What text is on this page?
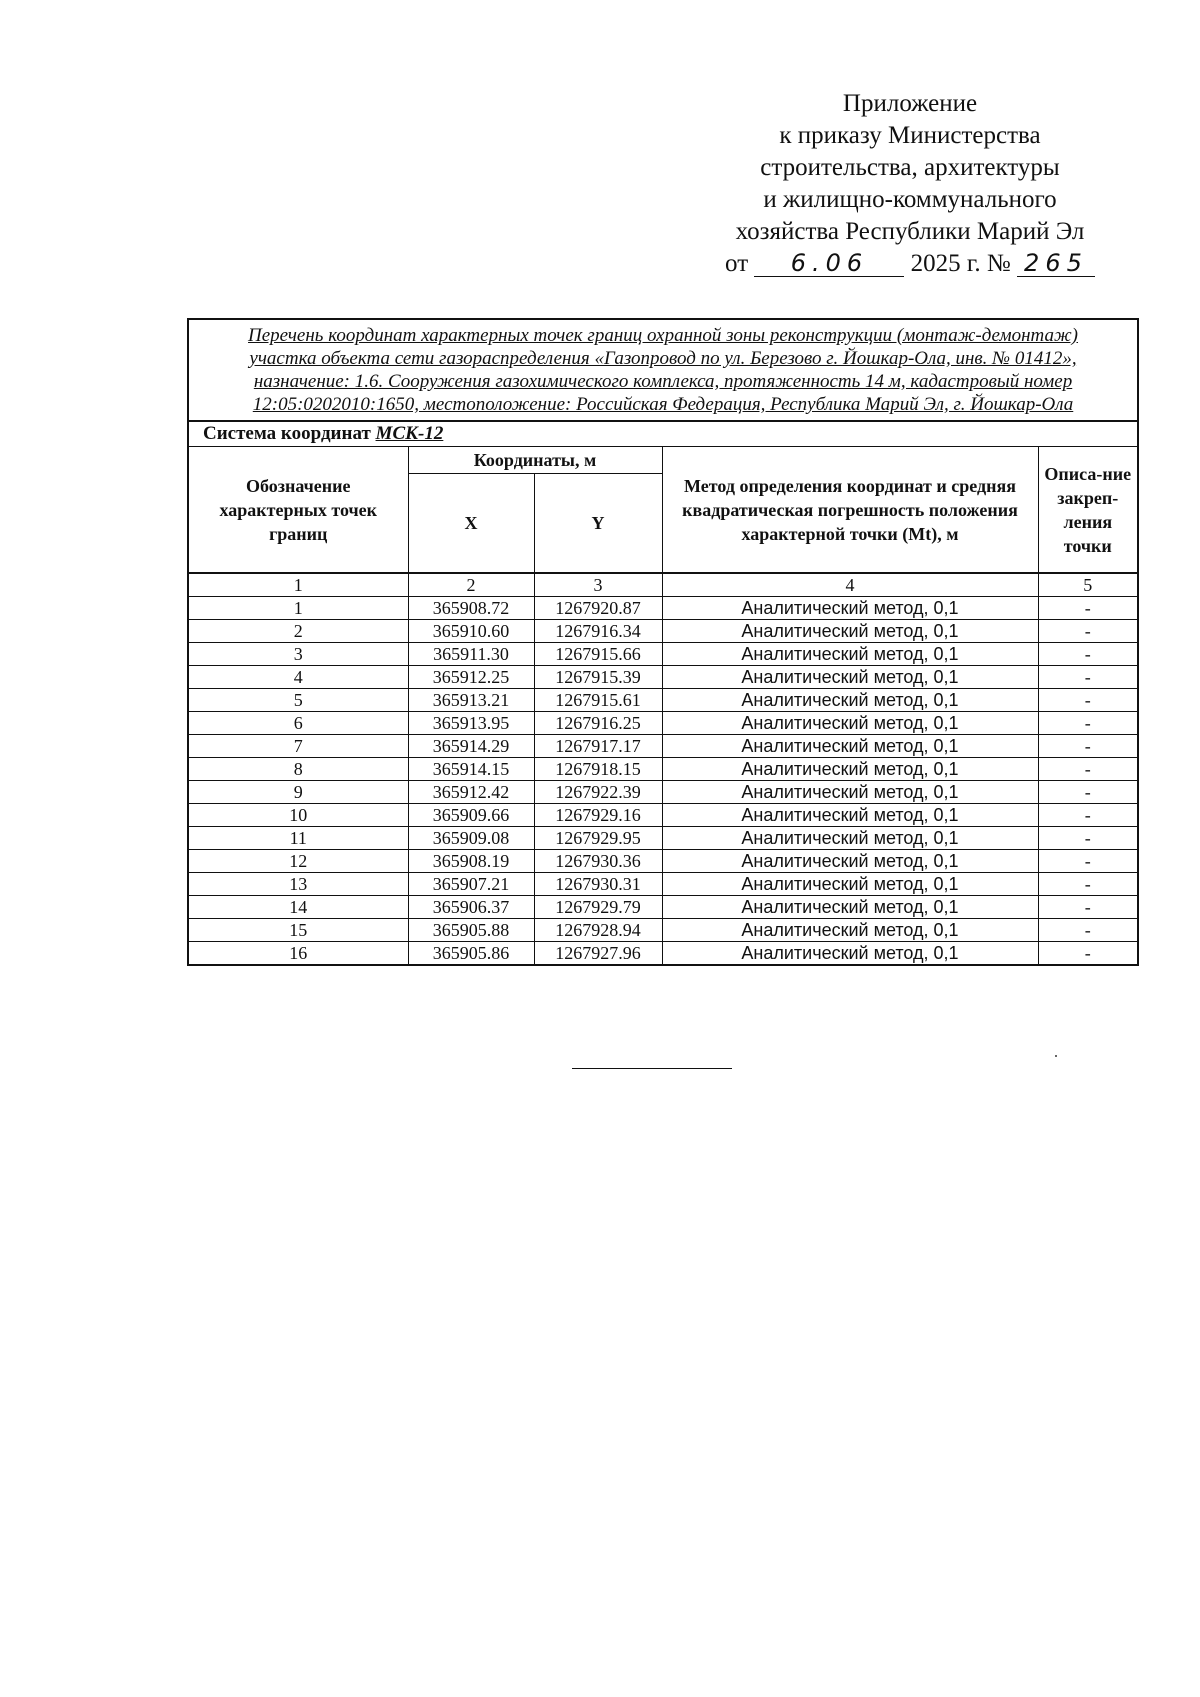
Приложение
к приказу Министерства
строительства, архитектуры
и жилищно-коммунального
хозяйства Республики Марий Эл
от 6.06 2025 г. № 265
Перечень координат характерных точек границ охранной зоны реконструкции (монтаж-демонтаж) участка объекта сети газораспределения «Газопровод по ул. Березово г. Йошкар-Ола, инв. № 01412», назначение: 1.6. Сооружения газохимического комплекса, протяженность 14 м, кадастровый номер 12:05:0202010:1650, местоположение: Российская Федерация, Республика Марий Эл, г. Йошкар-Ола				
Система координат МСК-12				
Обозначение характерных точек границ	Координаты, м		Метод определения координат и средняя квадратическая погрешность положения характерной точки (Mt), м	Описа-ние закреп-ления точки
	X	Y		
1	2	3	4	5
1	365908.72	1267920.87	Аналитический метод, 0,1	-
2	365910.60	1267916.34	Аналитический метод, 0,1	-
3	365911.30	1267915.66	Аналитический метод, 0,1	-
4	365912.25	1267915.39	Аналитический метод, 0,1	-
5	365913.21	1267915.61	Аналитический метод, 0,1	-
6	365913.95	1267916.25	Аналитический метод, 0,1	-
7	365914.29	1267917.17	Аналитический метод, 0,1	-
8	365914.15	1267918.15	Аналитический метод, 0,1	-
9	365912.42	1267922.39	Аналитический метод, 0,1	-
10	365909.66	1267929.16	Аналитический метод, 0,1	-
11	365909.08	1267929.95	Аналитический метод, 0,1	-
12	365908.19	1267930.36	Аналитический метод, 0,1	-
13	365907.21	1267930.31	Аналитический метод, 0,1	-
14	365906.37	1267929.79	Аналитический метод, 0,1	-
15	365905.88	1267928.94	Аналитический метод, 0,1	-
16	365905.86	1267927.96	Аналитический метод, 0,1	-
